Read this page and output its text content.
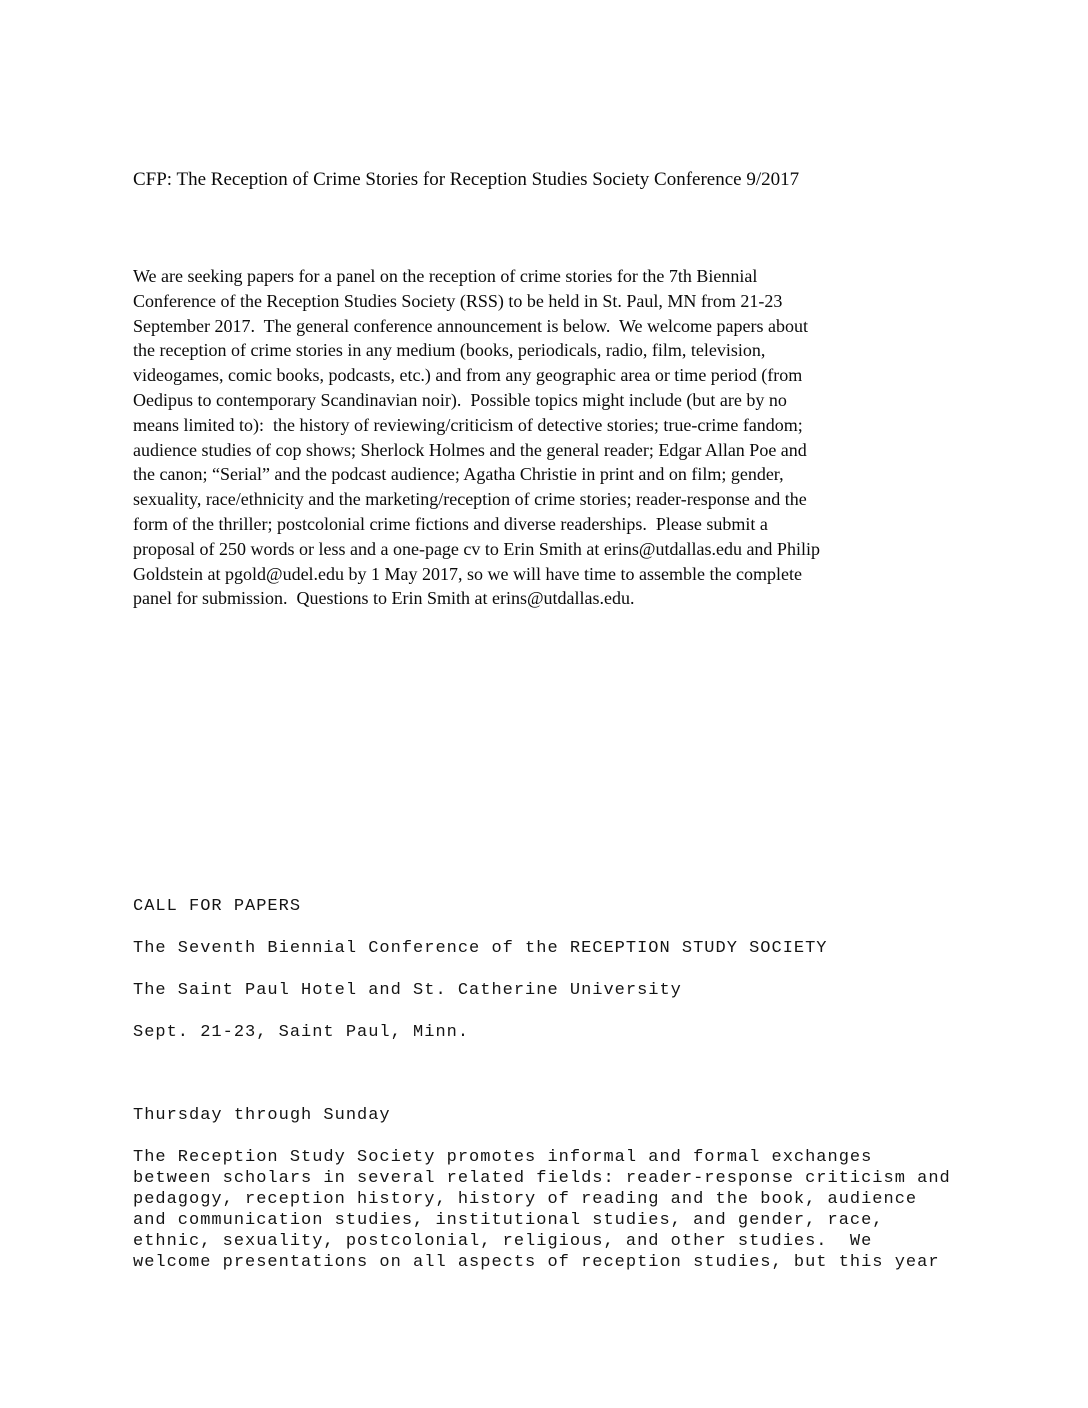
CFP: The Reception of Crime Stories for Reception Studies Society Conference 9/2017
We are seeking papers for a panel on the reception of crime stories for the 7th Biennial
Conference of the Reception Studies Society (RSS) to be held in St. Paul, MN from 21-23
September 2017.  The general conference announcement is below.  We welcome papers about
the reception of crime stories in any medium (books, periodicals, radio, film, television,
videogames, comic books, podcasts, etc.) and from any geographic area or time period (from
Oedipus to contemporary Scandinavian noir).  Possible topics might include (but are by no
means limited to):  the history of reviewing/criticism of detective stories; true-crime fandom;
audience studies of cop shows; Sherlock Holmes and the general reader; Edgar Allan Poe and
the canon; “Serial” and the podcast audience; Agatha Christie in print and on film; gender,
sexuality, race/ethnicity and the marketing/reception of crime stories; reader-response and the
form of the thriller; postcolonial crime fictions and diverse readerships.  Please submit a
proposal of 250 words or less and a one-page cv to Erin Smith at erins@utdallas.edu and Philip
Goldstein at pgold@udel.edu by 1 May 2017, so we will have time to assemble the complete
panel for submission.  Questions to Erin Smith at erins@utdallas.edu.
CALL FOR PAPERS
The Seventh Biennial Conference of the RECEPTION STUDY SOCIETY
The Saint Paul Hotel and St. Catherine University
Sept. 21-23, Saint Paul, Minn.
Thursday through Sunday
The Reception Study Society promotes informal and formal exchanges
between scholars in several related fields: reader-response criticism and
pedagogy, reception history, history of reading and the book, audience
and communication studies, institutional studies, and gender, race,
ethnic, sexuality, postcolonial, religious, and other studies.  We
welcome presentations on all aspects of reception studies, but this year
